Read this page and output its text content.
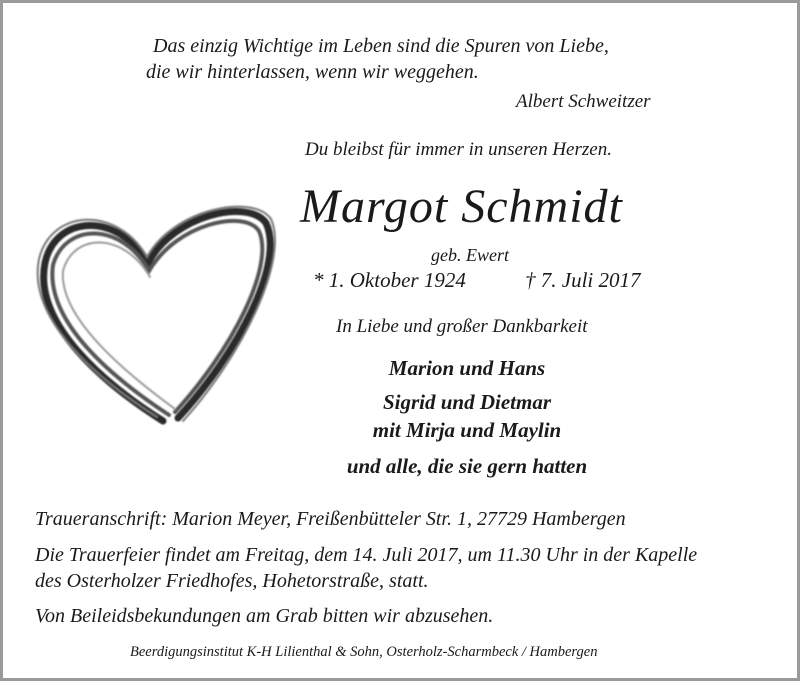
Das einzig Wichtige im Leben sind die Spuren von Liebe,
die wir hinterlassen, wenn wir weggehen.
Albert Schweitzer
Du bleibst für immer in unseren Herzen.
Margot Schmidt
geb. Ewert
* 1. Oktober 1924	† 7. Juli 2017
In Liebe und großer Dankbarkeit
Marion und Hans
Sigrid und Dietmar
mit Mirja und Maylin
und alle, die sie gern hatten
Traueranschrift: Marion Meyer, Freißenbütteler Str. 1, 27729 Hambergen
Die Trauerfeier findet am Freitag, dem 14. Juli 2017, um 11.30 Uhr in der Kapelle
des Osterholzer Friedhofes, Hohetorstraße, statt.
Von Beileidsbekundungen am Grab bitten wir abzusehen.
Beerdigungsinstitut K-H Lilienthal & Sohn, Osterholz-Scharmbeck / Hambergen
